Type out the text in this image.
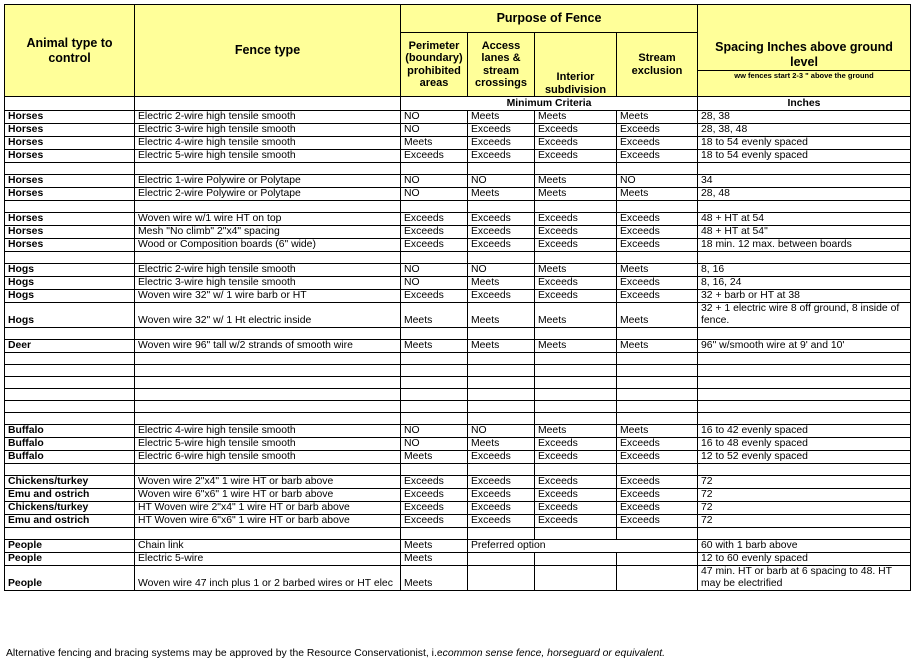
Animal type to control	Fence type	Purpose of Fence				Spacing Inches above ground level
		Perimeter (boundary) prohibited areas	Access lanes & stream crossings	Interior subdivision	Stream exclusion	
						ww fences start 2-3 " above the ground
		Minimum Criteria				Inches
Horses	Electric 2-wire high tensile smooth	NO	Meets	Meets	Meets	28, 38
Horses	Electric 3-wire high tensile smooth	NO	Exceeds	Exceeds	Exceeds	28, 38, 48
Horses	Electric 4-wire high tensile smooth	Meets	Exceeds	Exceeds	Exceeds	18 to 54 evenly spaced
Horses	Electric 5-wire high tensile smooth	Exceeds	Exceeds	Exceeds	Exceeds	18 to 54 evenly spaced

Horses	Electric 1-wire Polywire or Polytape	NO	NO	Meets	NO	34
Horses	Electric 2-wire Polywire or Polytape	NO	Meets	Meets	Meets	28, 48

Horses	Woven wire w/1 wire HT on top	Exceeds	Exceeds	Exceeds	Exceeds	48 + HT at 54
Horses	Mesh "No climb" 2"x4" spacing	Exceeds	Exceeds	Exceeds	Exceeds	48 + HT at 54"
Horses	Wood or Composition boards (6" wide)	Exceeds	Exceeds	Exceeds	Exceeds	18 min. 12 max. between boards

Hogs	Electric 2-wire high tensile smooth	NO	NO	Meets	Meets	8, 16
Hogs	Electric 3-wire high tensile smooth	NO	Meets	Exceeds	Exceeds	8, 16, 24
Hogs	Woven wire 32" w/ 1 wire barb or HT	Exceeds	Exceeds	Exceeds	Exceeds	32 + barb or HT at 38
Hogs	Woven wire 32" w/ 1 Ht electric inside	Meets	Meets	Meets	Meets	32 + 1 electric wire 8 off ground, 8 inside of fence.

Deer	Woven wire 96" tall w/2 strands of smooth wire	Meets	Meets	Meets	Meets	96" w/smooth wire at 9' and 10'

Buffalo	Electric 4-wire high tensile smooth	NO	NO	Meets	Meets	16 to 42 evenly spaced
Buffalo	Electric 5-wire high tensile smooth	NO	Meets	Exceeds	Exceeds	16 to 48 evenly spaced
Buffalo	Electric 6-wire high tensile smooth	Meets	Exceeds	Exceeds	Exceeds	12 to 52 evenly spaced

Chickens/turkey	Woven wire 2"x4" 1 wire HT or barb above	Exceeds	Exceeds	Exceeds	Exceeds	72
Emu and ostrich	Woven wire 6"x6" 1 wire HT or barb above	Exceeds	Exceeds	Exceeds	Exceeds	72
Chickens/turkey	HT Woven wire 2"x4" 1 wire HT or barb above	Exceeds	Exceeds	Exceeds	Exceeds	72
Emu and ostrich	HT Woven wire 6"x6" 1 wire HT or barb above	Exceeds	Exceeds	Exceeds	Exceeds	72

People	Chain link	Meets	Preferred option			60 with 1 barb above
People	Electric 5-wire	Meets				12 to 60 evenly spaced
People	Woven wire 47 inch plus 1 or 2 barbed wires or HT elec	Meets				47 min. HT or barb at 6 spacing to 48. HT may be electrified
Alternative fencing and bracing systems may be approved by the Resource Conservationist, i.ecommon sense fence, horseguard or equivalent.
